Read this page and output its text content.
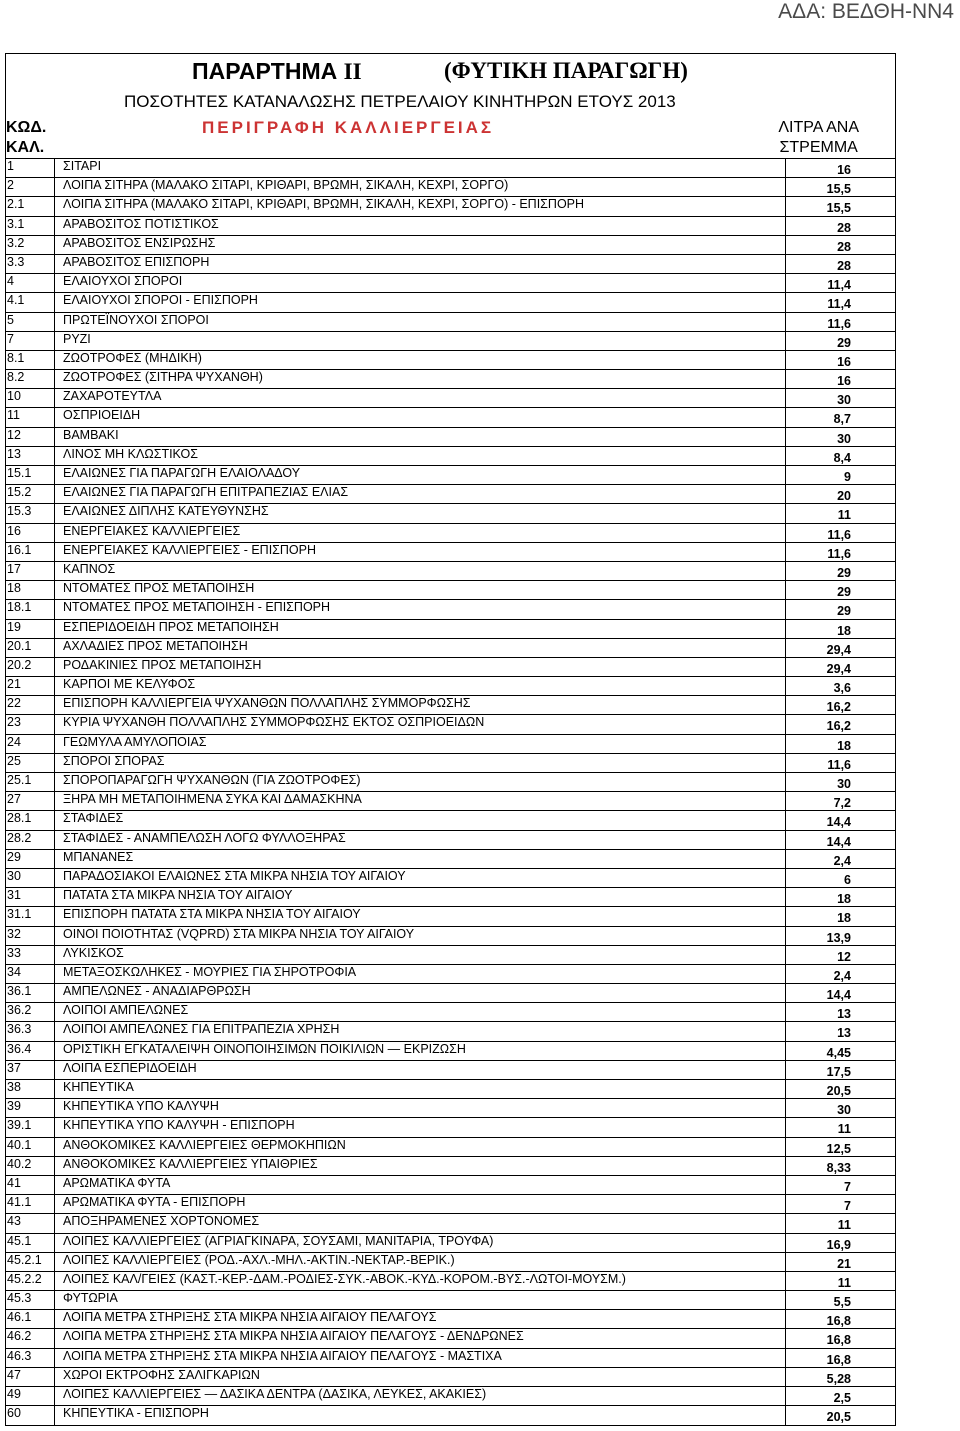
ΑΔΑ: ΒΕΔΘΗ-ΝΝ4
ΠΑΡΑΡΤΗΜΑ II	(ΦΥΤΙΚΗ ΠΑΡΑΓΩΓΗ)
ΠΟΣΟΤΗΤΕΣ ΚΑΤΑΝΑΛΩΣΗΣ ΠΕΤΡΕΛΑΙΟΥ ΚΙΝΗΤΗΡΩΝ ΕΤΟΥΣ 2013
ΚΩΔ.
ΚΑΛ.
ΠΕΡΙΓΡΑΦΗ ΚΑΛΛΙΕΡΓΕΙΑΣ	ΛΙΤΡΑ ΑΝΑ
ΣΤΡΕΜΜΑ
1	ΣΙΤΑΡΙ	16
2	ΛΟΙΠΑ ΣΙΤΗΡΑ (ΜΑΛΑΚΟ ΣΙΤΑΡΙ, ΚΡΙΘΑΡΙ, ΒΡΩΜΗ, ΣΙΚΑΛΗ, ΚΕΧΡΙ, ΣΟΡΓΟ)	15,5
2.1	ΛΟΙΠΑ ΣΙΤΗΡΑ (ΜΑΛΑΚΟ ΣΙΤΑΡΙ, ΚΡΙΘΑΡΙ, ΒΡΩΜΗ, ΣΙΚΑΛΗ, ΚΕΧΡΙ, ΣΟΡΓΟ) - ΕΠΙΣΠΟΡΗ	15,5
3.1	ΑΡΑΒΟΣΙΤΟΣ ΠΟΤΙΣΤΙΚΟΣ	28
3.2	ΑΡΑΒΟΣΙΤΟΣ ΕΝΣΙΡΩΣΗΣ	28
3.3	ΑΡΑΒΟΣΙΤΟΣ ΕΠΙΣΠΟΡΗ	28
4	ΕΛΑΙΟΥΧΟΙ ΣΠΟΡΟΙ	11,4
4.1	ΕΛΑΙΟΥΧΟΙ ΣΠΟΡΟΙ - ΕΠΙΣΠΟΡΗ	11,4
5	ΠΡΩΤΕΪΝΟΥΧΟΙ ΣΠΟΡΟΙ	11,6
7	ΡΥΖΙ	29
8.1	ΖΩΟΤΡΟΦΕΣ (ΜΗΔΙΚΗ)	16
8.2	ΖΩΟΤΡΟΦΕΣ (ΣΙΤΗΡΑ ΨΥΧΑΝΘΗ)	16
10	ΖΑΧΑΡΟΤΕΥΤΛΑ	30
11	ΟΣΠΡΙΟΕΙΔΗ	8,7
12	ΒΑΜΒΑΚΙ	30
13	ΛΙΝΟΣ ΜΗ ΚΛΩΣΤΙΚΟΣ	8,4
15.1	ΕΛΑΙΩΝΕΣ ΓΙΑ ΠΑΡΑΓΩΓΗ ΕΛΑΙΟΛΑΔΟΥ	9
15.2	ΕΛΑΙΩΝΕΣ ΓΙΑ ΠΑΡΑΓΩΓΗ ΕΠΙΤΡΑΠΕΖΙΑΣ ΕΛΙΑΣ	20
15.3	ΕΛΑΙΩΝΕΣ ΔΙΠΛΗΣ ΚΑΤΕΥΘΥΝΣΗΣ	11
16	ΕΝΕΡΓΕΙΑΚΕΣ ΚΑΛΛΙΕΡΓΕΙΕΣ	11,6
16.1	ΕΝΕΡΓΕΙΑΚΕΣ ΚΑΛΛΙΕΡΓΕΙΕΣ - ΕΠΙΣΠΟΡΗ	11,6
17	ΚΑΠΝΟΣ	29
18	ΝΤΟΜΑΤΕΣ ΠΡΟΣ ΜΕΤΑΠΟΙΗΣΗ	29
18.1	ΝΤΟΜΑΤΕΣ ΠΡΟΣ ΜΕΤΑΠΟΙΗΣΗ - ΕΠΙΣΠΟΡΗ	29
19	ΕΣΠΕΡΙΔΟΕΙΔΗ ΠΡΟΣ ΜΕΤΑΠΟΙΗΣΗ	18
20.1	ΑΧΛΑΔΙΕΣ ΠΡΟΣ ΜΕΤΑΠΟΙΗΣΗ	29,4
20.2	ΡΟΔΑΚΙΝΙΕΣ ΠΡΟΣ ΜΕΤΑΠΟΙΗΣΗ	29,4
21	ΚΑΡΠΟΙ ΜΕ ΚΕΛΥΦΟΣ	3,6
22	ΕΠΙΣΠΟΡΗ ΚΑΛΛΙΕΡΓΕΙΑ ΨΥΧΑΝΘΩΝ ΠΟΛΛΑΠΛΗΣ ΣΥΜΜΟΡΦΩΣΗΣ	16,2
23	ΚΥΡΙΑ ΨΥΧΑΝΘΗ ΠΟΛΛΑΠΛΗΣ ΣΥΜΜΟΡΦΩΣΗΣ ΕΚΤΟΣ ΟΣΠΡΙΟΕΙΔΩΝ	16,2
24	ΓΕΩΜΥΛΑ ΑΜΥΛΟΠΟΙΑΣ	18
25	ΣΠΟΡΟΙ ΣΠΟΡΑΣ	11,6
25.1	ΣΠΟΡΟΠΑΡΑΓΩΓΗ ΨΥΧΑΝΘΩΝ (ΓΙΑ ΖΩΟΤΡΟΦΕΣ)	30
27	ΞΗΡΑ ΜΗ ΜΕΤΑΠΟΙΗΜΕΝΑ ΣΥΚΑ ΚΑΙ ΔΑΜΑΣΚΗΝΑ	7,2
28.1	ΣΤΑΦΙΔΕΣ	14,4
28.2	ΣΤΑΦΙΔΕΣ - ΑΝΑΜΠΕΛΩΣΗ ΛΟΓΩ ΦΥΛΛΟΞΗΡΑΣ	14,4
29	ΜΠΑΝΑΝΕΣ	2,4
30	ΠΑΡΑΔΟΣΙΑΚΟΙ ΕΛΑΙΩΝΕΣ ΣΤΑ ΜΙΚΡΑ ΝΗΣΙΑ ΤΟΥ ΑΙΓΑΙΟΥ	6
31	ΠΑΤΑΤΑ ΣΤΑ ΜΙΚΡΑ ΝΗΣΙΑ ΤΟΥ ΑΙΓΑΙΟΥ	18
31.1	ΕΠΙΣΠΟΡΗ ΠΑΤΑΤΑ ΣΤΑ ΜΙΚΡΑ ΝΗΣΙΑ ΤΟΥ ΑΙΓΑΙΟΥ	18
32	ΟΙΝΟΙ ΠΟΙΟΤΗΤΑΣ (VQPRD) ΣΤΑ ΜΙΚΡΑ ΝΗΣΙΑ ΤΟΥ ΑΙΓΑΙΟΥ	13,9
33	ΛΥΚΙΣΚΟΣ	12
34	ΜΕΤΑΞΟΣΚΩΛΗΚΕΣ - ΜΟΥΡΙΕΣ ΓΙΑ ΣΗΡΟΤΡΟΦΙΑ	2,4
36.1	ΑΜΠΕΛΩΝΕΣ - ΑΝΑΔΙΑΡΘΡΩΣΗ	14,4
36.2	ΛΟΙΠΟΙ ΑΜΠΕΛΩΝΕΣ	13
36.3	ΛΟΙΠΟΙ ΑΜΠΕΛΩΝΕΣ ΓΙΑ ΕΠΙΤΡΑΠΕΖΙΑ ΧΡΗΣΗ	13
36.4	ΟΡΙΣΤΙΚΗ ΕΓΚΑΤΑΛΕΙΨΗ ΟΙΝΟΠΟΙΗΣΙΜΩΝ ΠΟΙΚΙΛΙΩΝ — ΕΚΡΙΖΩΣΗ	4,45
37	ΛΟΙΠΑ ΕΣΠΕΡΙΔΟΕΙΔΗ	17,5
38	ΚΗΠΕΥΤΙΚΑ	20,5
39	ΚΗΠΕΥΤΙΚΑ ΥΠΟ ΚΑΛΥΨΗ	30
39.1	ΚΗΠΕΥΤΙΚΑ ΥΠΟ ΚΑΛΥΨΗ - ΕΠΙΣΠΟΡΗ	11
40.1	ΑΝΘΟΚΟΜΙΚΕΣ ΚΑΛΛΙΕΡΓΕΙΕΣ ΘΕΡΜΟΚΗΠΙΩΝ	12,5
40.2	ΑΝΘΟΚΟΜΙΚΕΣ ΚΑΛΛΙΕΡΓΕΙΕΣ ΥΠΑΙΘΡΙΕΣ	8,33
41	ΑΡΩΜΑΤΙΚΑ ΦΥΤΑ	7
41.1	ΑΡΩΜΑΤΙΚΑ ΦΥΤΑ - ΕΠΙΣΠΟΡΗ	7
43	ΑΠΟΞΗΡΑΜΕΝΕΣ ΧΟΡΤΟΝΟΜΕΣ	11
45.1	ΛΟΙΠΕΣ ΚΑΛΛΙΕΡΓΕΙΕΣ (ΑΓΡΙΑΓΚΙΝΑΡΑ, ΣΟΥΣΑΜΙ, ΜΑΝΙΤΑΡΙΑ, ΤΡΟΥΦΑ)	16,9
45.2.1	ΛΟΙΠΕΣ ΚΑΛΛΙΕΡΓΕΙΕΣ (ΡΟΔ.-ΑΧΛ.-ΜΗΛ.-ΑΚΤΙΝ.-ΝΕΚΤΑΡ.-ΒΕΡΙΚ.)	21
45.2.2	ΛΟΙΠΕΣ ΚΑΛ/ΓΕΙΕΣ (ΚΑΣΤ.-ΚΕΡ.-ΔΑΜ.-ΡΟΔΙΕΣ-ΣΥΚ.-ΑΒΟΚ.-ΚΥΔ.-ΚΟΡΟΜ.-ΒΥΣ.-ΛΩΤΟΙ-ΜΟΥΣΜ.)	11
45.3	ΦΥΤΩΡΙΑ	5,5
46.1	ΛΟΙΠΑ ΜΕΤΡΑ ΣΤΗΡΙΞΗΣ ΣΤΑ ΜΙΚΡΑ ΝΗΣΙΑ ΑΙΓΑΙΟΥ ΠΕΛΑΓΟΥΣ	16,8
46.2	ΛΟΙΠΑ ΜΕΤΡΑ ΣΤΗΡΙΞΗΣ ΣΤΑ ΜΙΚΡΑ ΝΗΣΙΑ ΑΙΓΑΙΟΥ ΠΕΛΑΓΟΥΣ - ΔΕΝΔΡΩΝΕΣ	16,8
46.3	ΛΟΙΠΑ ΜΕΤΡΑ ΣΤΗΡΙΞΗΣ ΣΤΑ ΜΙΚΡΑ ΝΗΣΙΑ ΑΙΓΑΙΟΥ ΠΕΛΑΓΟΥΣ - ΜΑΣΤΙΧΑ	16,8
47	ΧΩΡΟΙ ΕΚΤΡΟΦΗΣ ΣΑΛΙΓΚΑΡΙΩΝ	5,28
49	ΛΟΙΠΕΣ ΚΑΛΛΙΕΡΓΕΙΕΣ — ΔΑΣΙΚΑ ΔΕΝΤΡΑ (ΔΑΣΙΚΑ, ΛΕΥΚΕΣ, ΑΚΑΚΙΕΣ)	2,5
60	ΚΗΠΕΥΤΙΚΑ - ΕΠΙΣΠΟΡΗ	20,5
